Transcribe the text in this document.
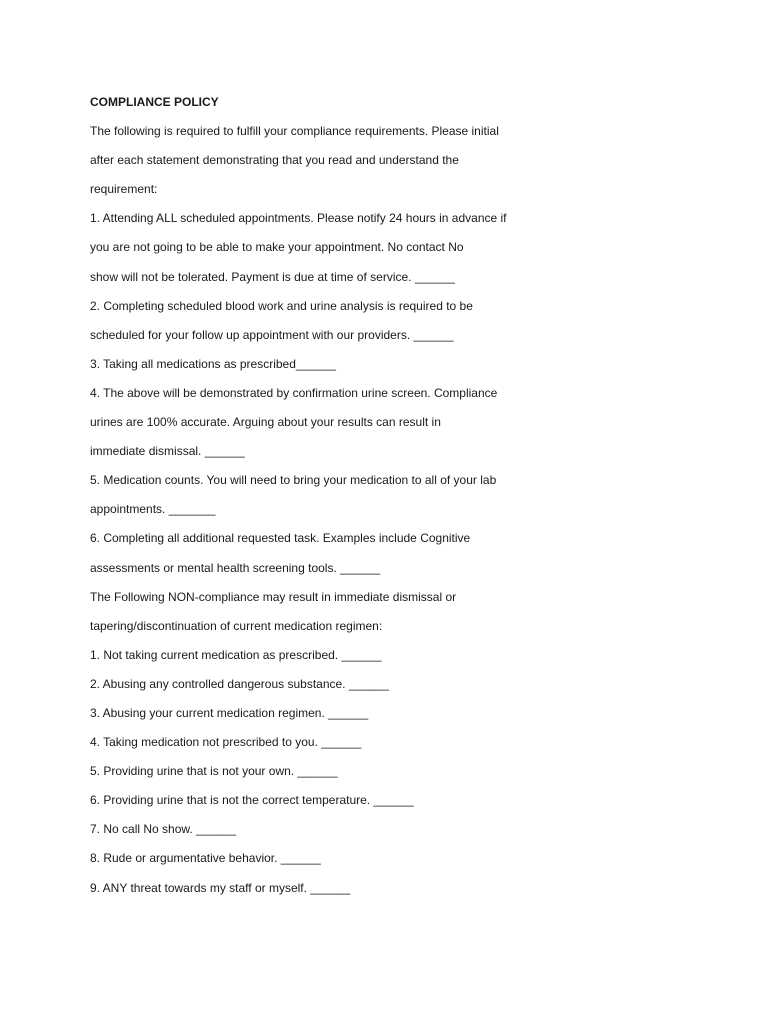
COMPLIANCE POLICY

The following is required to fulfill your compliance requirements. Please initial

after each statement demonstrating that you read and understand the

requirement:

1. Attending ALL scheduled appointments. Please notify 24 hours in advance if

you are not going to be able to make your appointment. No contact No

show will not be tolerated. Payment is due at time of service. ______

2. Completing scheduled blood work and urine analysis is required to be

scheduled for your follow up appointment with our providers. ______

3. Taking all medications as prescribed______

4. The above will be demonstrated by confirmation urine screen. Compliance

urines are 100% accurate. Arguing about your results can result in

immediate dismissal. ______

5. Medication counts. You will need to bring your medication to all of your lab

appointments. _______

6. Completing all additional requested task. Examples include Cognitive

assessments or mental health screening tools. ______

The Following NON-compliance may result in immediate dismissal or

tapering/discontinuation of current medication regimen:

1. Not taking current medication as prescribed. ______

2. Abusing any controlled dangerous substance. ______

3. Abusing your current medication regimen. ______

4. Taking medication not prescribed to you. ______

5. Providing urine that is not your own. ______

6. Providing urine that is not the correct temperature. ______

7. No call No show. ______

8. Rude or argumentative behavior. ______

9. ANY threat towards my staff or myself. ______
